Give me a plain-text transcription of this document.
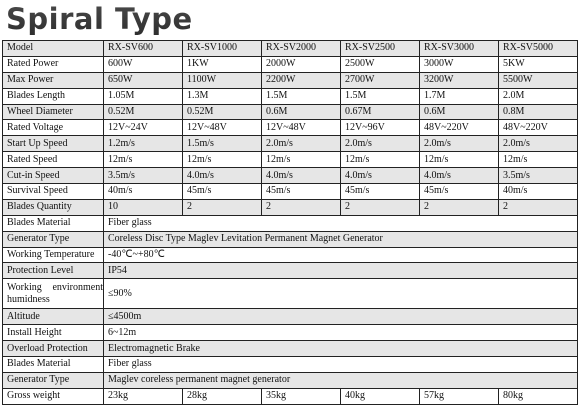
Spiral Type
Model	RX-SV600	RX-SV1000	RX-SV2000	RX-SV2500	RX-SV3000	RX-SV5000
Rated Power	600W	1KW	2000W	2500W	3000W	5KW
Max Power	650W	1100W	2200W	2700W	3200W	5500W
Blades Length	1.05M	1.3M	1.5M	1.5M	1.7M	2.0M
Wheel Diameter	0.52M	0.52M	0.6M	0.67M	0.6M	0.8M
Rated Voltage	12V~24V	12V~48V	12V~48V	12V~96V	48V~220V	48V~220V
Start Up Speed	1.2m/s	1.5m/s	2.0m/s	2.0m/s	2.0m/s	2.0m/s
Rated Speed	12m/s	12m/s	12m/s	12m/s	12m/s	12m/s
Cut-in Speed	3.5m/s	4.0m/s	4.0m/s	4.0m/s	4.0m/s	3.5m/s
Survival Speed	40m/s	45m/s	45m/s	45m/s	45m/s	40m/s
Blades Quantity	10	2	2	2	2	2
Blades Material	Fiber glass					
Generator Type	Coreless Disc Type Maglev Levitation Permanent Magnet Generator					
Working Temperature	-40℃~+80℃					
Protection Level	IP54					
Working environment humidness	≤90%					
Altitude	≤4500m					
Install Height	6~12m					
Overload Protection	Electromagnetic Brake					
Blades Material	Fiber glass					
Generator Type	Maglev coreless permanent magnet generator					
Gross weight	23kg	28kg	35kg	40kg	57kg	80kg
